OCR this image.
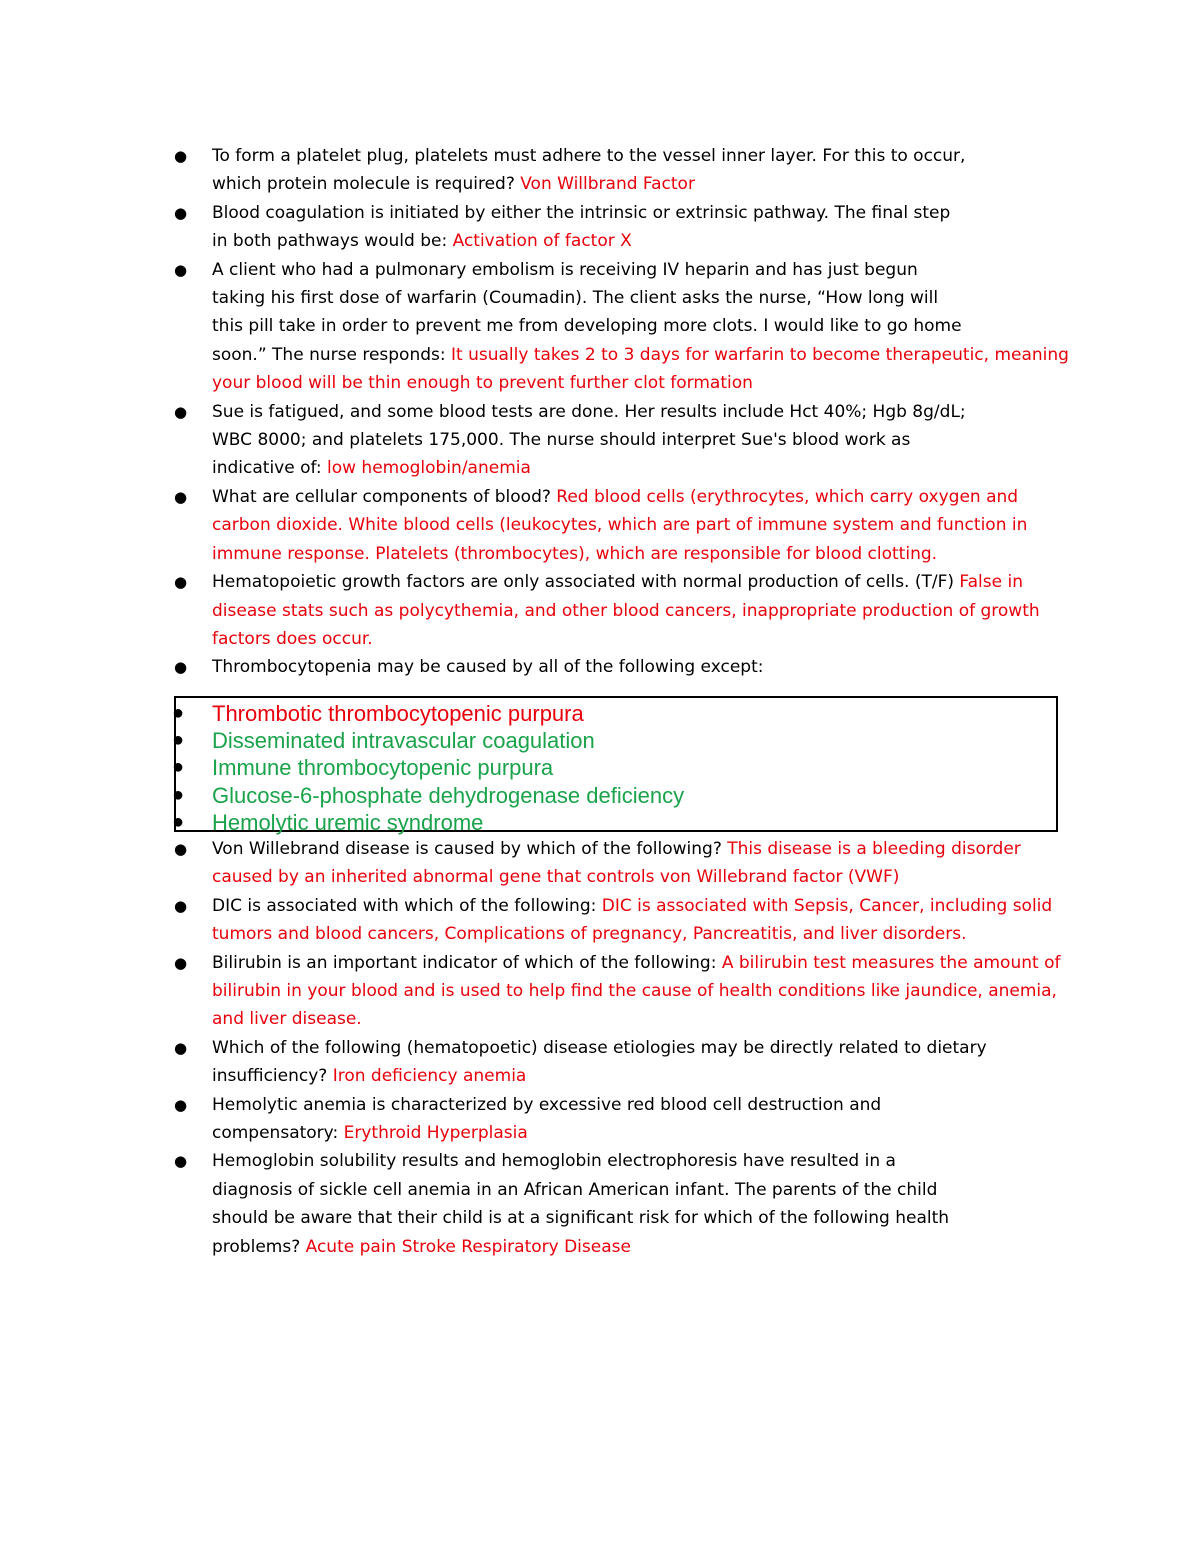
● To form a platelet plug, platelets must adhere to the vessel inner layer. For this to occur,
which protein molecule is required? Von Willbrand Factor
● Blood coagulation is initiated by either the intrinsic or extrinsic pathway. The final step
in both pathways would be: Activation of factor X
● A client who had a pulmonary embolism is receiving IV heparin and has just begun
taking his first dose of warfarin (Coumadin). The client asks the nurse, “How long will
this pill take in order to prevent me from developing more clots. I would like to go home
soon.” The nurse responds: It usually takes 2 to 3 days for warfarin to become therapeutic, meaning your blood will be thin enough to prevent further clot formation
● Sue is fatigued, and some blood tests are done. Her results include Hct 40%; Hgb 8g/dL;
WBC 8000; and platelets 175,000. The nurse should interpret Sue's blood work as
indicative of: low hemoglobin/anemia
● What are cellular components of blood? Red blood cells (erythrocytes, which carry oxygen and carbon dioxide. White blood cells (leukocytes, which are part of immune system and function in immune response. Platelets (thrombocytes), which are responsible for blood clotting.
● Hematopoietic growth factors are only associated with normal production of cells. (T/F) False in disease stats such as polycythemia, and other blood cancers, inappropriate production of growth factors does occur.
● Thrombocytopenia may be caused by all of the following except:
● Thrombotic thrombocytopenic purpura
● Disseminated intravascular coagulation
● Immune thrombocytopenic purpura
● Glucose-6-phosphate dehydrogenase deficiency
● Hemolytic uremic syndrome
● Von Willebrand disease is caused by which of the following? This disease is a bleeding disorder caused by an inherited abnormal gene that controls von Willebrand factor (VWF)
● DIC is associated with which of the following: DIC is associated with Sepsis, Cancer, including solid tumors and blood cancers, Complications of pregnancy, Pancreatitis, and liver disorders.
● Bilirubin is an important indicator of which of the following: A bilirubin test measures the amount of bilirubin in your blood and is used to help find the cause of health conditions like jaundice, anemia, and liver disease.
● Which of the following (hematopoetic) disease etiologies may be directly related to dietary
insufficiency? Iron deficiency anemia
● Hemolytic anemia is characterized by excessive red blood cell destruction and
compensatory: Erythroid Hyperplasia
● Hemoglobin solubility results and hemoglobin electrophoresis have resulted in a
diagnosis of sickle cell anemia in an African American infant. The parents of the child
should be aware that their child is at a significant risk for which of the following health
problems? Acute pain Stroke Respiratory Disease
